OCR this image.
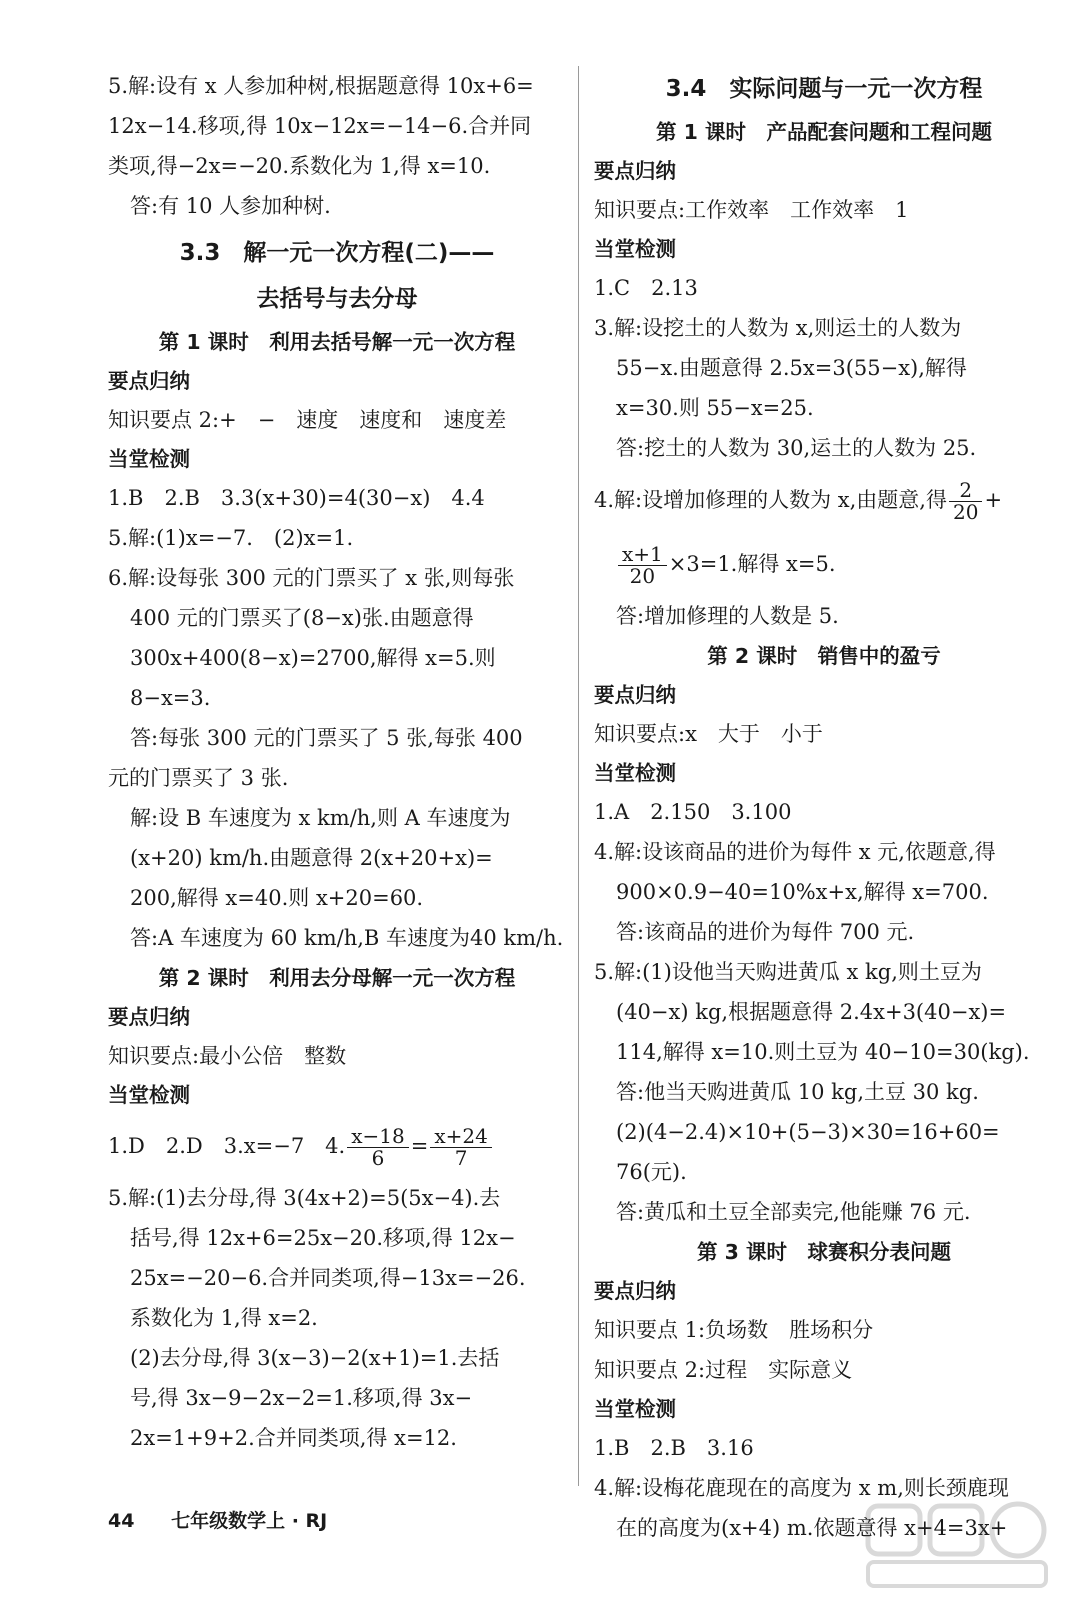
5.解:设有 x 人参加种树,根据题意得 10x+6=
12x−14.移项,得 10x−12x=−14−6.合并同
类项,得−2x=−20.系数化为 1,得 x=10.
答:有 10 人参加种树.
3.3　解一元一次方程(二)——
去括号与去分母
第 1 课时　利用去括号解一元一次方程
要点归纳
知识要点 2:+　−　速度　速度和　速度差
当堂检测
1.B　2.B　3.3(x+30)=4(30−x)　4.4
5.解:(1)x=−7.　(2)x=1.
6.解:设每张 300 元的门票买了 x 张,则每张
400 元的门票买了(8−x)张.由题意得
300x+400(8−x)=2700,解得 x=5.则
8−x=3.
答:每张 300 元的门票买了 5 张,每张 400
元的门票买了 3 张.
解:设 B 车速度为 x km/h,则 A 车速度为
(x+20) km/h.由题意得 2(x+20+x)=
200,解得 x=40.则 x+20=60.
答:A 车速度为 60 km/h,B 车速度为40 km/h.
第 2 课时　利用去分母解一元一次方程
要点归纳
知识要点:最小公倍　整数
当堂检测
1.D　2.D　3.x=−7　4. $\frac{x-18}{6} = \frac{x+24}{7}$
5.解:(1)去分母,得 3(4x+2)=5(5x−4).去
括号,得 12x+6=25x−20.移项,得 12x−
25x=−20−6.合并同类项,得−13x=−26.
系数化为 1,得 x=2.
(2)去分母,得 3(x−3)−2(x+1)=1.去括
号,得 3x−9−2x−2=1.移项,得 3x−
2x=1+9+2.合并同类项,得 x=12.
3.4　实际问题与一元一次方程
第 1 课时　产品配套问题和工程问题
要点归纳
知识要点:工作效率　工作效率　1
当堂检测
1.C　2.13
3.解:设挖土的人数为 x,则运土的人数为
55−x.由题意得 2.5x=3(55−x),解得
x=30.则 55−x=25.
答:挖土的人数为 30,运土的人数为 25.
4.解:设增加修理的人数为 x,由题意,得 $\frac{2}{20}$ +
$\frac{x+1}{20} \times 3=1$.解得 x=5.
答:增加修理的人数是 5.
第 2 课时　销售中的盈亏
要点归纳
知识要点:x　大于　小于
当堂检测
1.A　2.150　3.100
4.解:设该商品的进价为每件 x 元,依题意,得
900×0.9−40=10%x+x,解得 x=700.
答:该商品的进价为每件 700 元.
5.解:(1)设他当天购进黄瓜 x kg,则土豆为
(40−x) kg,根据题意得 2.4x+3(40−x)=
114,解得 x=10.则土豆为 40−10=30(kg).
答:他当天购进黄瓜 10 kg,土豆 30 kg.
(2)(4−2.4)×10+(5−3)×30=16+60=
76(元).
答:黄瓜和土豆全部卖完,他能赚 76 元.
第 3 课时　球赛积分表问题
要点归纳
知识要点 1:负场数　胜场积分
知识要点 2:过程　实际意义
当堂检测
1.B　2.B　3.16
4.解:设梅花鹿现在的高度为 x m,则长颈鹿现
在的高度为(x+4) m.依题意得 x+4=3x+
44 七年级数学上 · RJ
